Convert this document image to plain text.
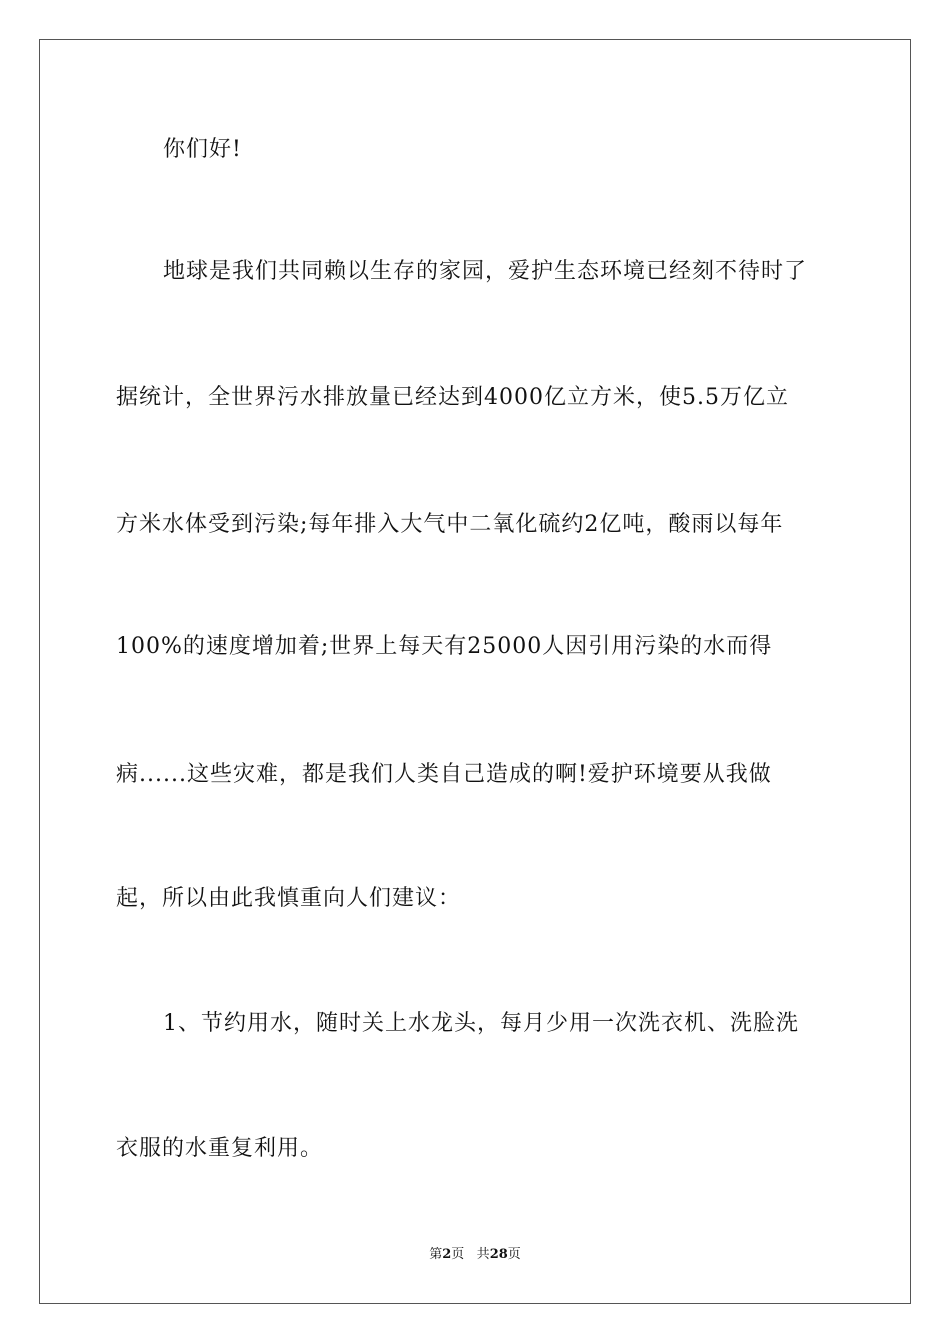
你们好!
地球是我们共同赖以生存的家园，爱护生态环境已经刻不待时了
据统计，全世界污水排放量已经达到4000亿立方米，使5.5万亿立
方米水体受到污染;每年排入大气中二氧化硫约2亿吨，酸雨以每年
100%的速度增加着;世界上每天有25000人因引用污染的水而得
病......这些灾难，都是我们人类自己造成的啊!爱护环境要从我做
起，所以由此我慎重向人们建议：
1、节约用水，随时关上水龙头，每月少用一次洗衣机、洗脸洗
衣服的水重复利用。
第2页 共28页
